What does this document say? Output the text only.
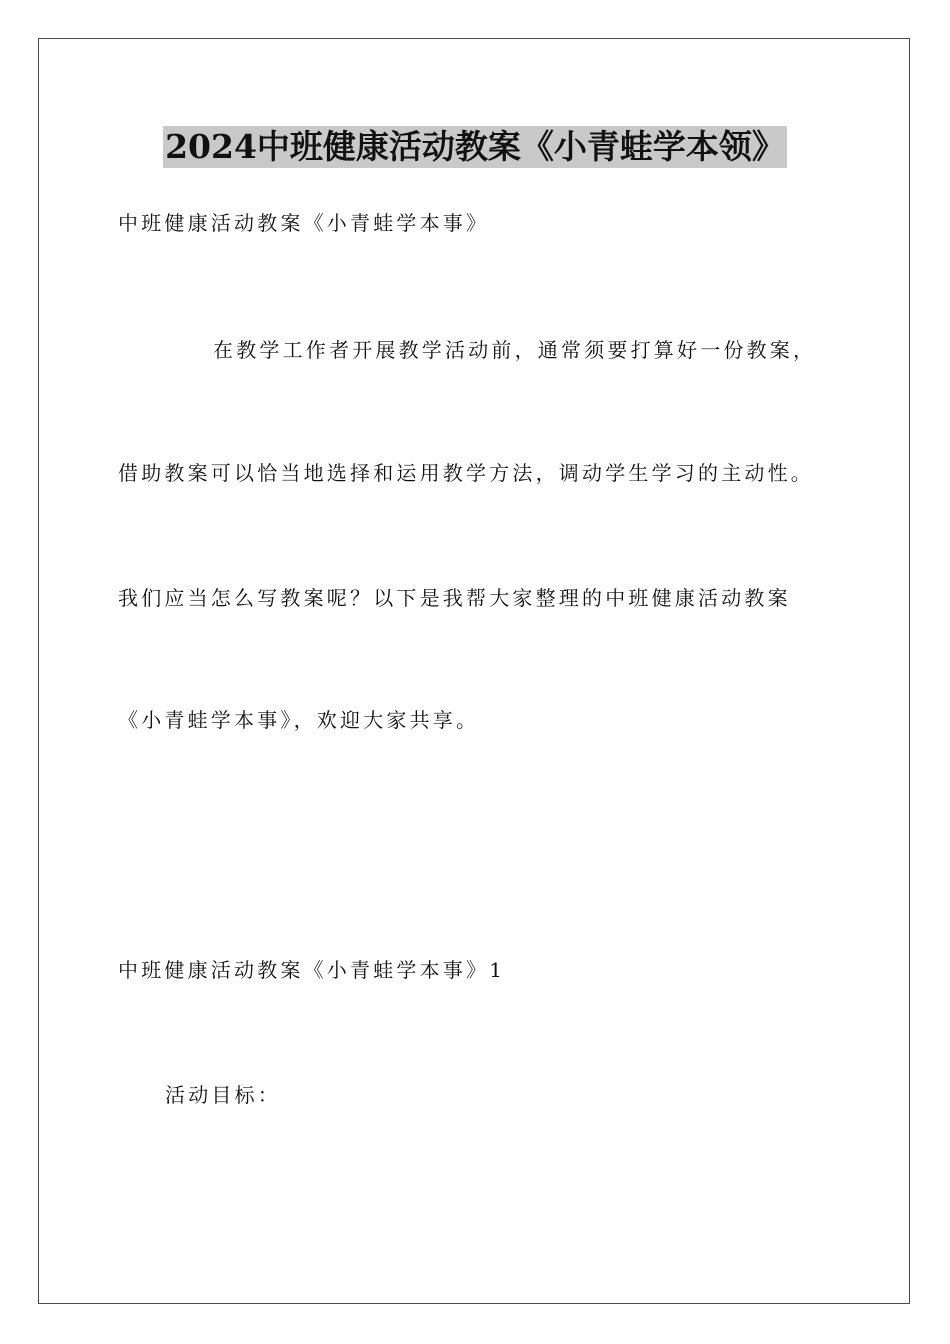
2024中班健康活动教案《小青蛙学本领》
中班健康活动教案《小青蛙学本事》
在教学工作者开展教学活动前，通常须要打算好一份教案，
借助教案可以恰当地选择和运用教学方法，调动学生学习的主动性。
我们应当怎么写教案呢？以下是我帮大家整理的中班健康活动教案
《小青蛙学本事》，欢迎大家共享。
中班健康活动教案《小青蛙学本事》1
活动目标：
